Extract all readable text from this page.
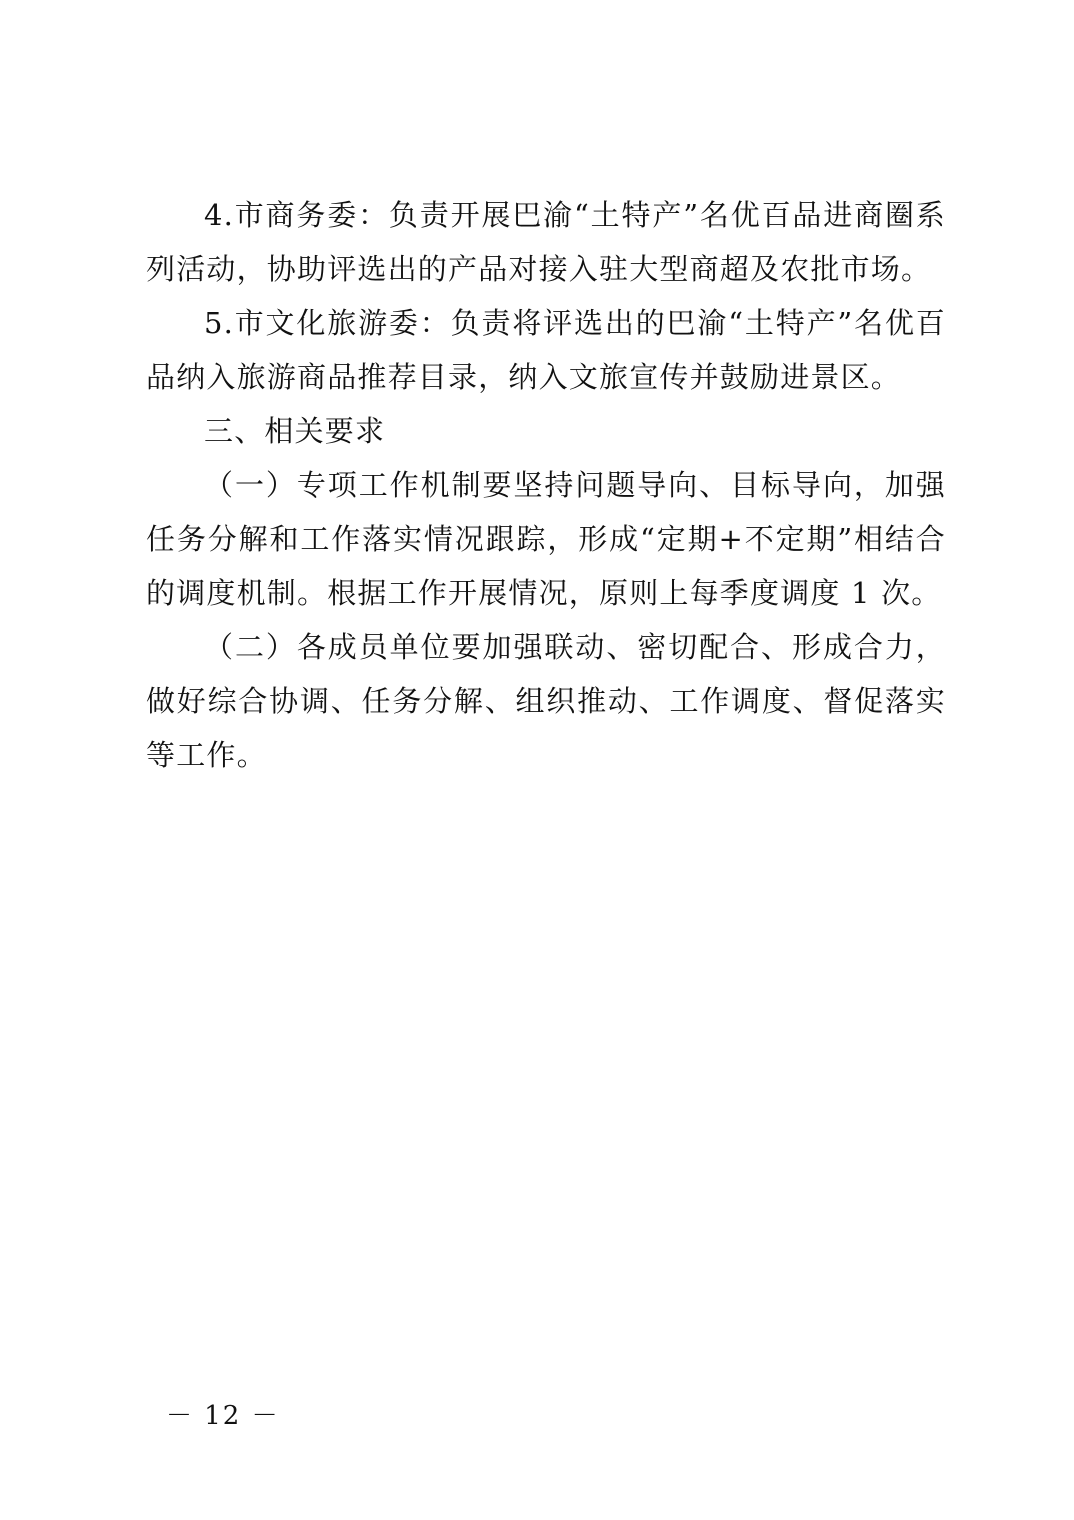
4.市商务委：负责开展巴渝“土特产”名优百品进商圈系列活动，协助评选出的产品对接入驻大型商超及农批市场。

5.市文化旅游委：负责将评选出的巴渝“土特产”名优百品纳入旅游商品推荐目录，纳入文旅宣传并鼓励进景区。

三、相关要求

（一）专项工作机制要坚持问题导向、目标导向，加强任务分解和工作落实情况跟踪，形成“定期+不定期”相结合的调度机制。根据工作开展情况，原则上每季度调度 1 次。

（二）各成员单位要加强联动、密切配合、形成合力，做好综合协调、任务分解、组织推动、工作调度、督促落实等工作。

－ 12 －
